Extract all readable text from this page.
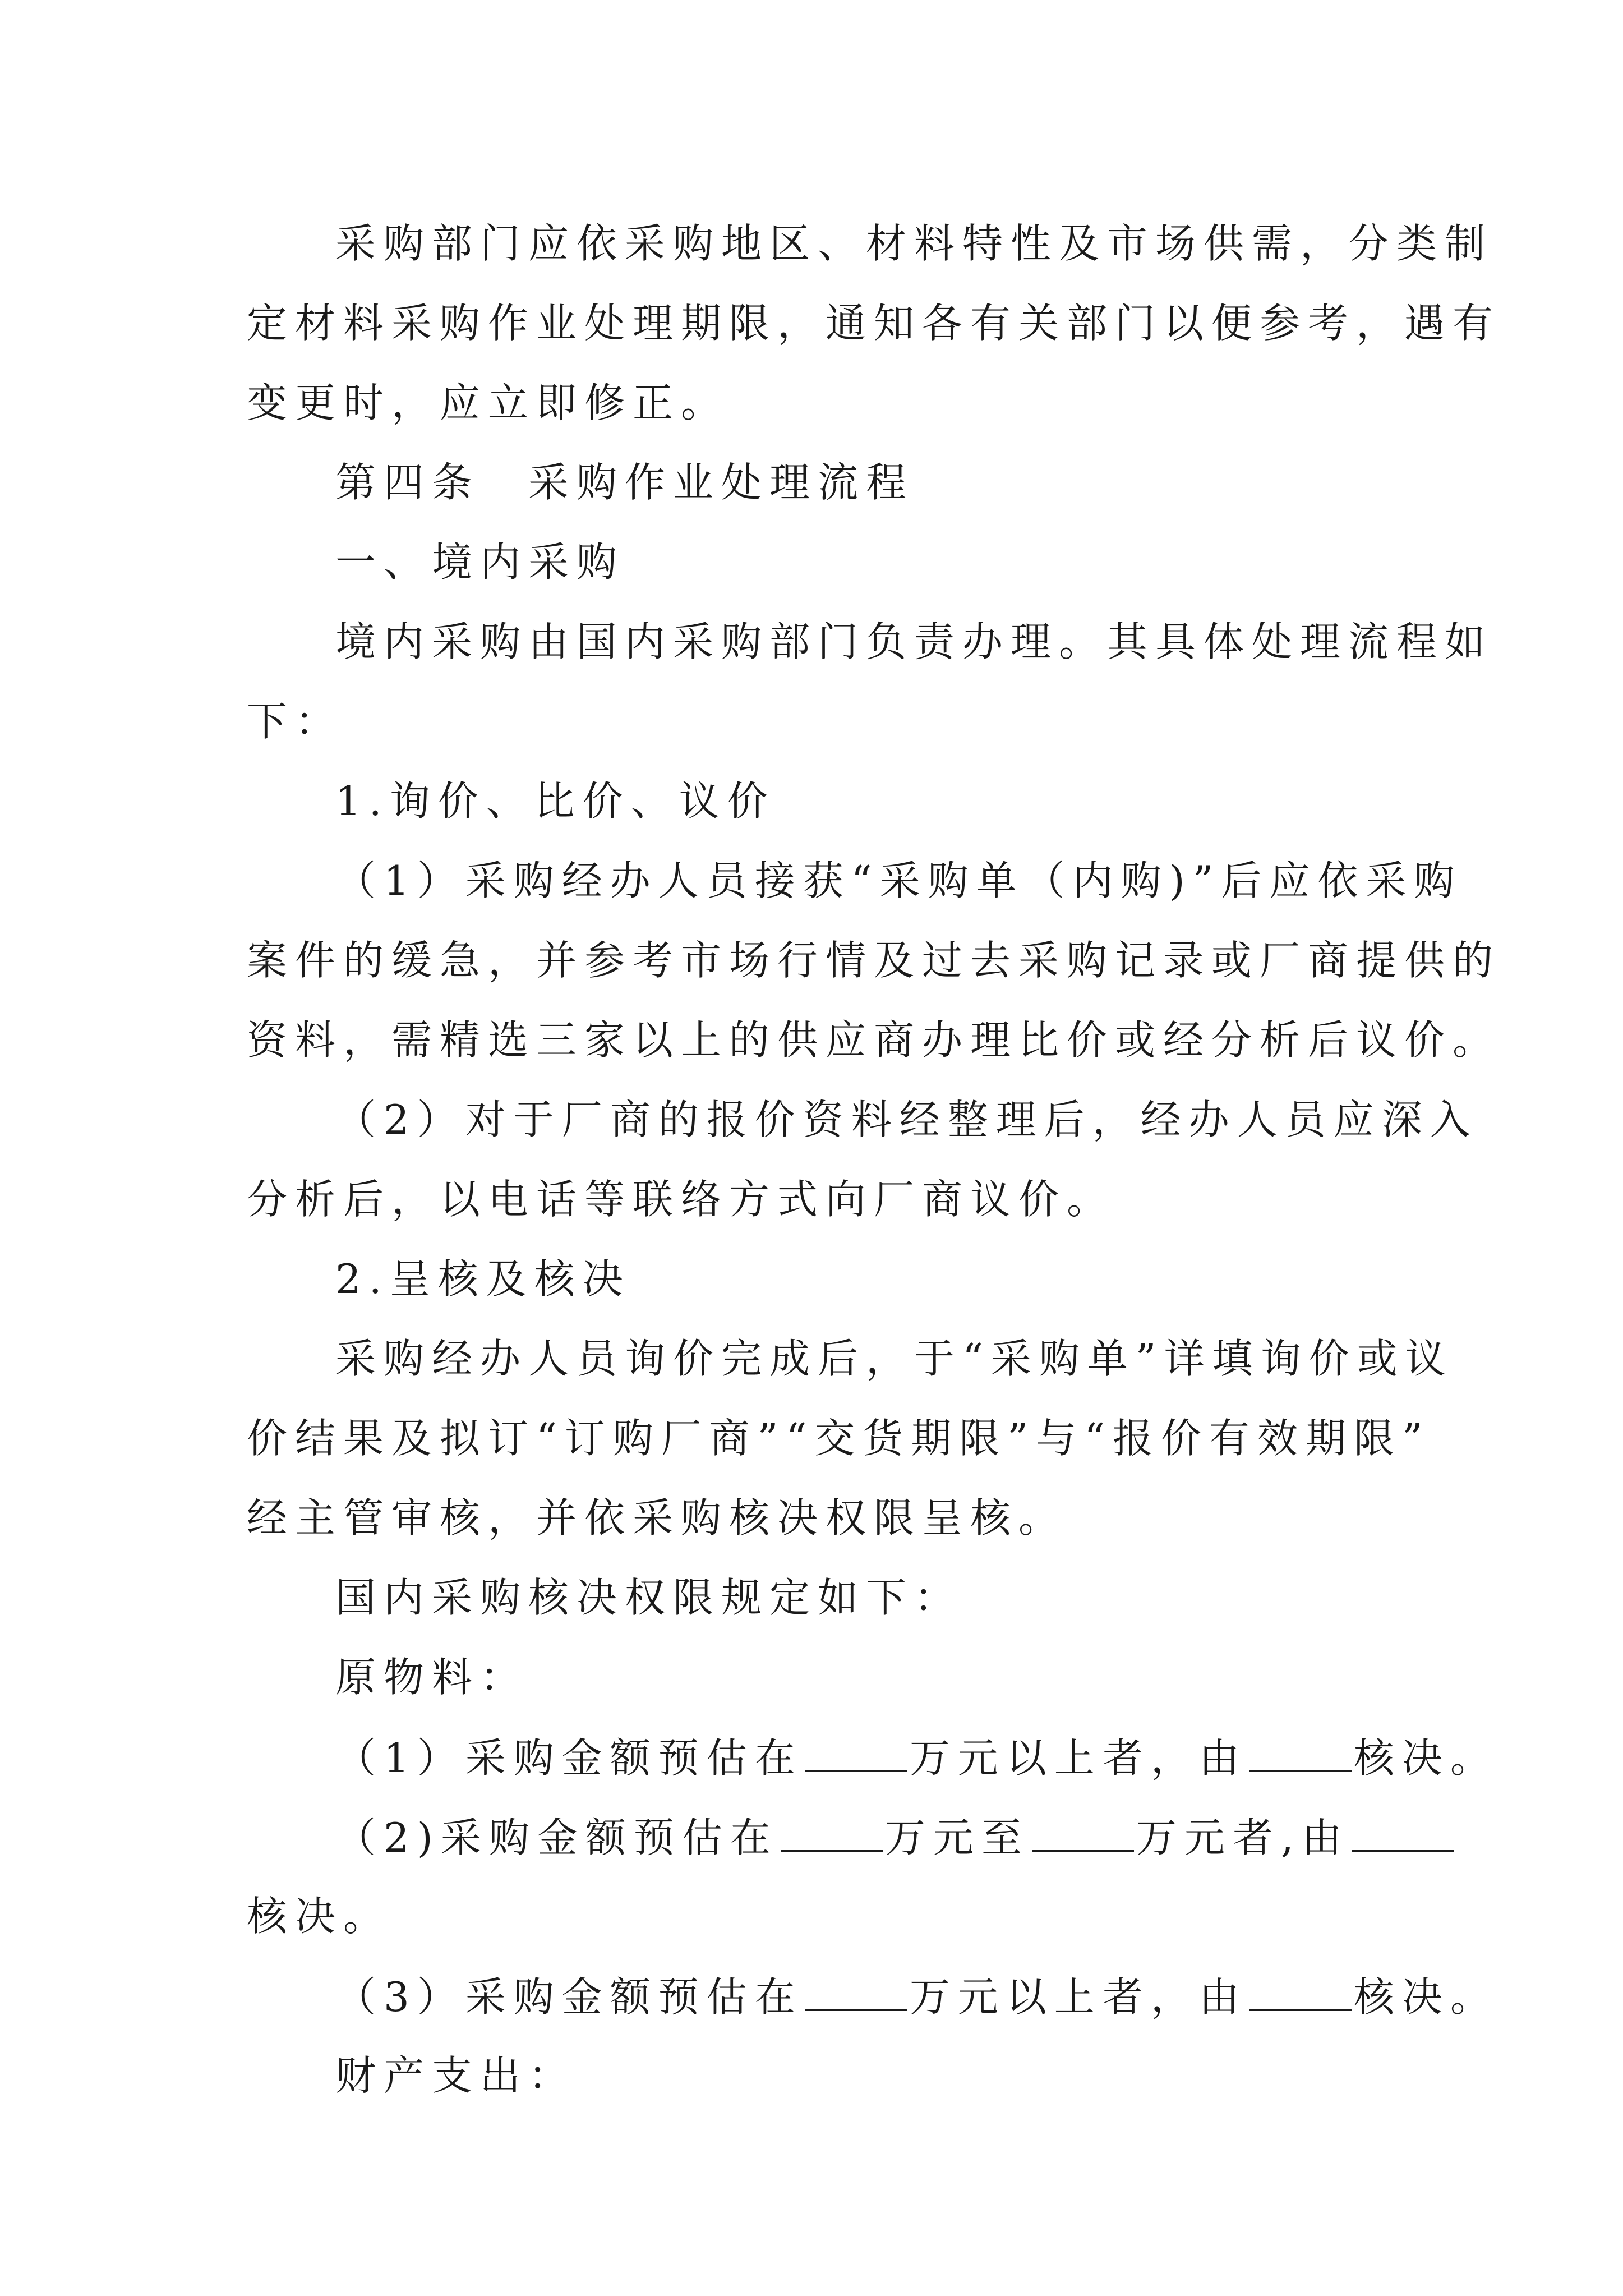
采购部门应依采购地区、材料特性及市场供需，分类制

定材料采购作业处理期限，通知各有关部门以便参考，遇有

变更时，应立即修正。

第四条　采购作业处理流程

一、境内采购

境内采购由国内采购部门负责办理。其具体处理流程如

下：

1.询价、比价、议价

（1）采购经办人员接获“采购单（内购)”后应依采购

案件的缓急，并参考市场行情及过去采购记录或厂商提供的

资料，需精选三家以上的供应商办理比价或经分析后议价。

（2）对于厂商的报价资料经整理后，经办人员应深入

分析后，以电话等联络方式向厂商议价。

2.呈核及核决

采购经办人员询价完成后，于“采购单”详填询价或议

价结果及拟订“订购厂商”“交货期限”与“报价有效期限”

经主管审核，并依采购核决权限呈核。

国内采购核决权限规定如下：

原物料：

（1）采购金额预估在	万元以上者，由	核决。

（2)采购金额预估在	万元至	万元者,由

核决。

（3）采购金额预估在	万元以上者，由	核决。

财产支出：
